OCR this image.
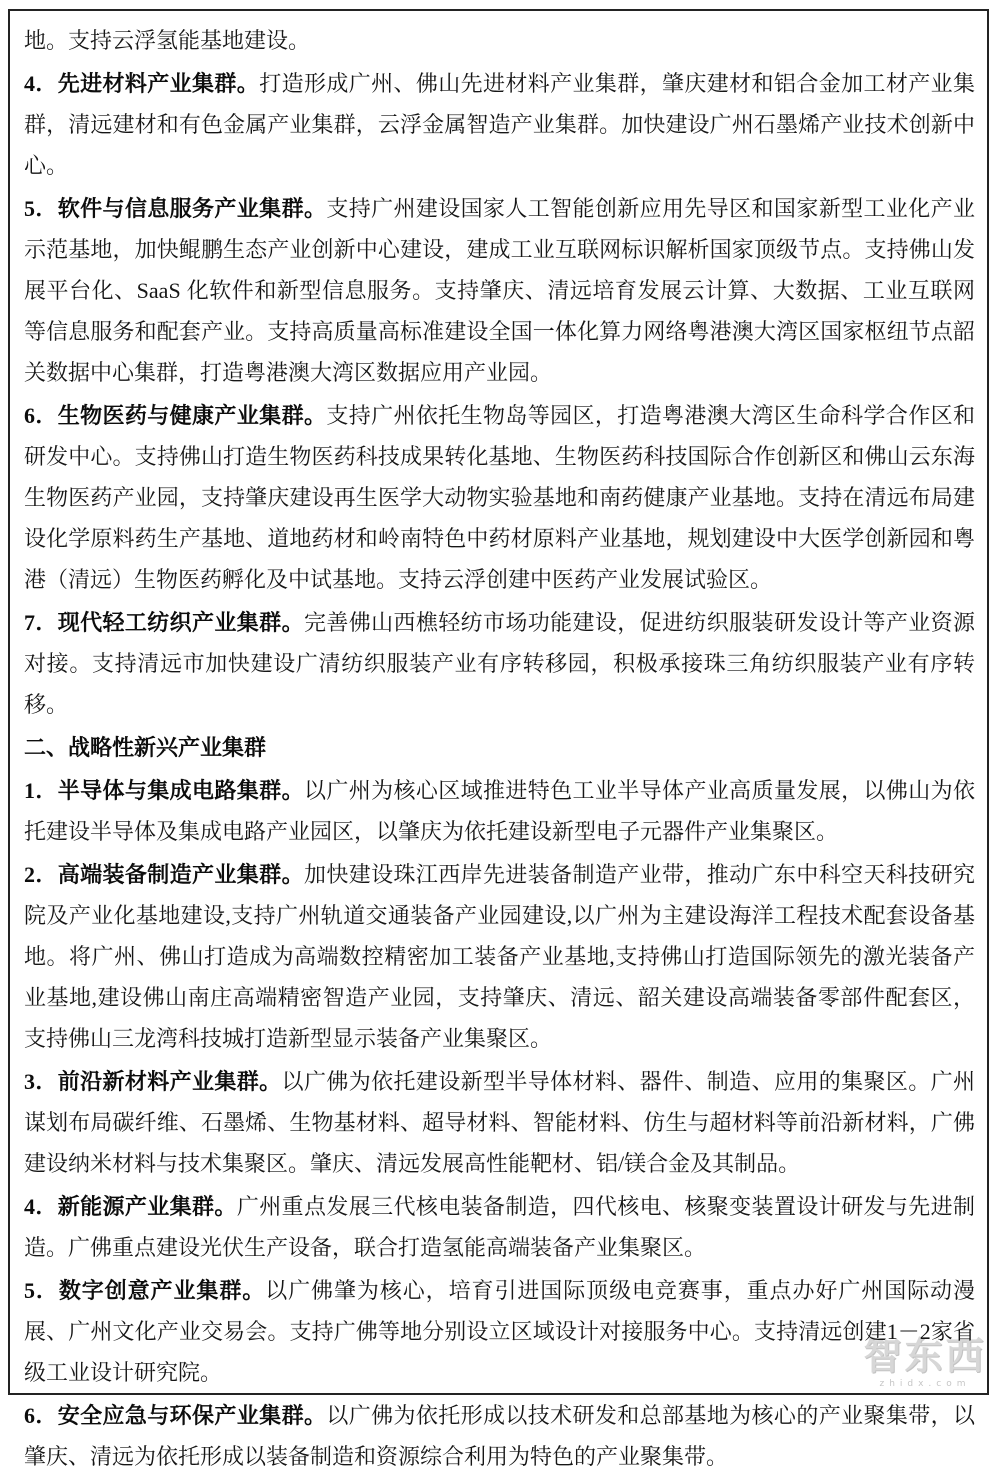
智东西
zhidx.com

地。支持云浮氢能基地建设。

4．先进材料产业集群。打造形成广州、佛山先进材料产业集群，肇庆建材和铝合金加工材产业集群，清远建材和有色金属产业集群，云浮金属智造产业集群。加快建设广州石墨烯产业技术创新中心。

5．软件与信息服务产业集群。支持广州建设国家人工智能创新应用先导区和国家新型工业化产业示范基地，加快鲲鹏生态产业创新中心建设，建成工业互联网标识解析国家顶级节点。支持佛山发展平台化、SaaS 化软件和新型信息服务。支持肇庆、清远培育发展云计算、大数据、工业互联网等信息服务和配套产业。支持高质量高标准建设全国一体化算力网络粤港澳大湾区国家枢纽节点韶关数据中心集群，打造粤港澳大湾区数据应用产业园。

6．生物医药与健康产业集群。支持广州依托生物岛等园区，打造粤港澳大湾区生命科学合作区和研发中心。支持佛山打造生物医药科技成果转化基地、生物医药科技国际合作创新区和佛山云东海生物医药产业园，支持肇庆建设再生医学大动物实验基地和南药健康产业基地。支持在清远布局建设化学原料药生产基地、道地药材和岭南特色中药材原料产业基地，规划建设中大医学创新园和粤港（清远）生物医药孵化及中试基地。支持云浮创建中医药产业发展试验区。

7．现代轻工纺织产业集群。完善佛山西樵轻纺市场功能建设，促进纺织服装研发设计等产业资源对接。支持清远市加快建设广清纺织服装产业有序转移园，积极承接珠三角纺织服装产业有序转移。

二、战略性新兴产业集群

1．半导体与集成电路集群。以广州为核心区域推进特色工业半导体产业高质量发展，以佛山为依托建设半导体及集成电路产业园区，以肇庆为依托建设新型电子元器件产业集聚区。

2．高端装备制造产业集群。加快建设珠江西岸先进装备制造产业带，推动广东中科空天科技研究院及产业化基地建设,支持广州轨道交通装备产业园建设,以广州为主建设海洋工程技术配套设备基地。将广州、佛山打造成为高端数控精密加工装备产业基地,支持佛山打造国际领先的激光装备产业基地,建设佛山南庄高端精密智造产业园，支持肇庆、清远、韶关建设高端装备零部件配套区，支持佛山三龙湾科技城打造新型显示装备产业集聚区。

3．前沿新材料产业集群。以广佛为依托建设新型半导体材料、器件、制造、应用的集聚区。广州谋划布局碳纤维、石墨烯、生物基材料、超导材料、智能材料、仿生与超材料等前沿新材料，广佛建设纳米材料与技术集聚区。肇庆、清远发展高性能靶材、铝/镁合金及其制品。

4．新能源产业集群。广州重点发展三代核电装备制造，四代核电、核聚变装置设计研发与先进制造。广佛重点建设光伏生产设备，联合打造氢能高端装备产业集聚区。

5．数字创意产业集群。以广佛肇为核心，培育引进国际顶级电竞赛事，重点办好广州国际动漫展、广州文化产业交易会。支持广佛等地分别设立区域设计对接服务中心。支持清远创建1－2家省级工业设计研究院。

6．安全应急与环保产业集群。以广佛为依托形成以技术研发和总部基地为核心的产业聚集带，以肇庆、清远为依托形成以装备制造和资源综合利用为特色的产业聚集带。
